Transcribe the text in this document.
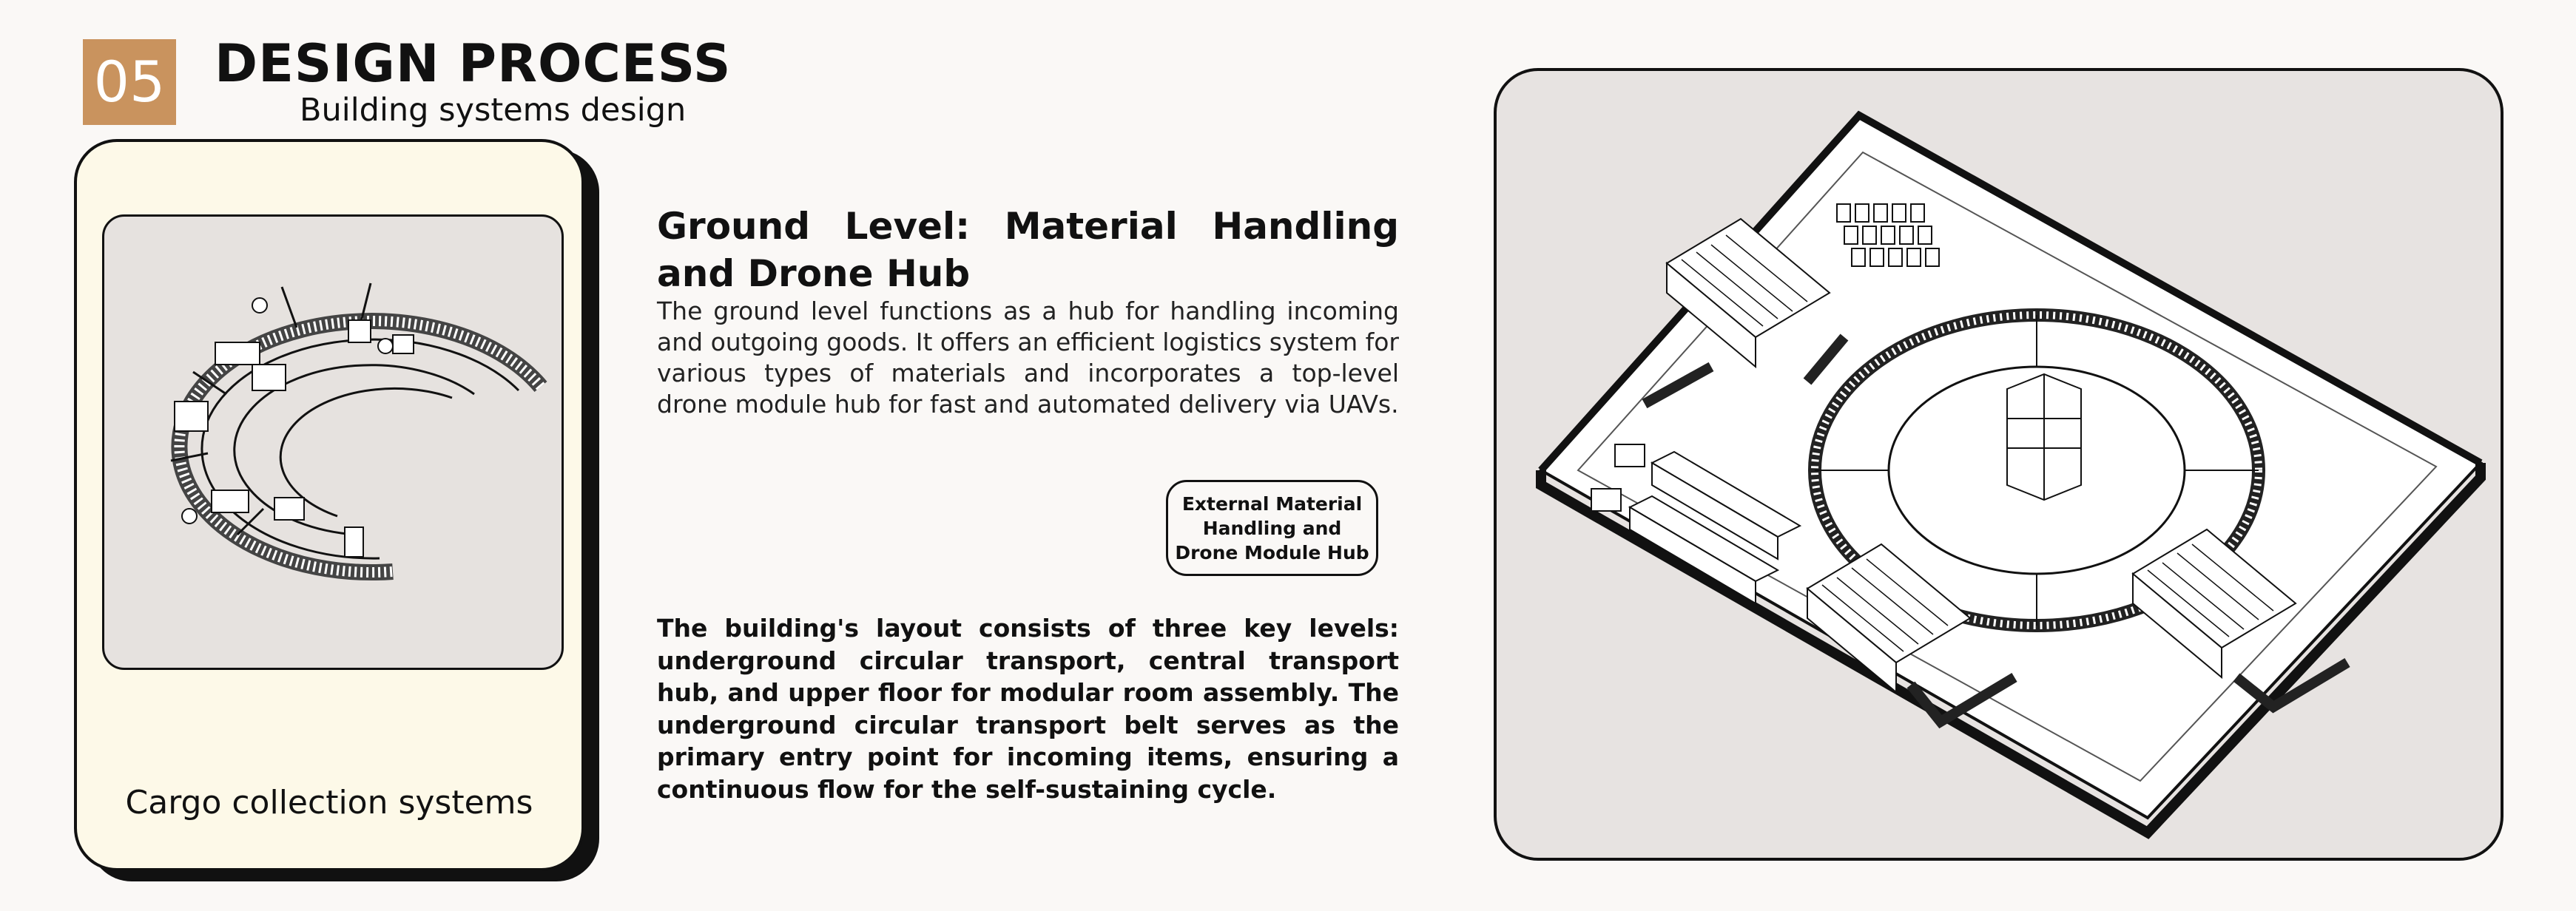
05 DESIGN PROCESS
Building systems design
Cargo collection systems
Ground Level: Material Handling and Drone Hub
The ground level functions as a hub for handling incoming and outgoing goods. It offers an efficient logistics system for various types of materials and incorporates a top-level drone module hub for fast and automated delivery via UAVs.
External Material Handling and Drone Module Hub
The building's layout consists of three key levels: underground circular transport, central transport hub, and upper floor for modular room assembly. The underground circular transport belt serves as the primary entry point for incoming items, ensuring a continuous flow for the self-sustaining cycle.
